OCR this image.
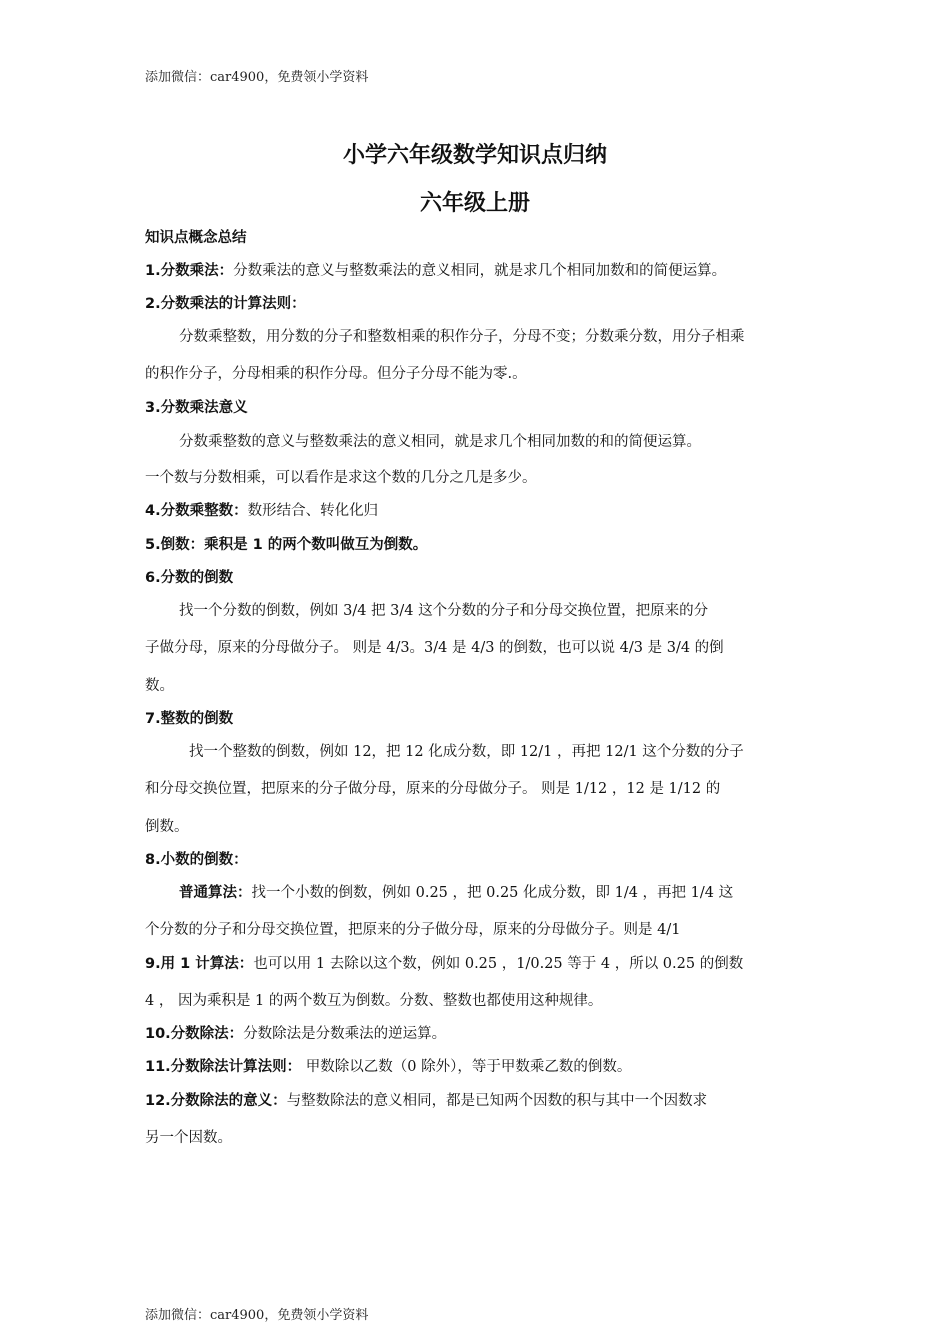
添加微信：car4900，免费领小学资料
小学六年级数学知识点归纳
六年级上册
知识点概念总结
1.分数乘法：分数乘法的意义与整数乘法的意义相同，就是求几个相同加数和的简便运算。
2.分数乘法的计算法则：
分数乘整数，用分数的分子和整数相乘的积作分子，分母不变；分数乘分数，用分子相乘
的积作分子，分母相乘的积作分母。但分子分母不能为零.。
3.分数乘法意义
分数乘整数的意义与整数乘法的意义相同，就是求几个相同加数的和的简便运算。
一个数与分数相乘，可以看作是求这个数的几分之几是多少。
4.分数乘整数：数形结合、转化化归
5.倒数：乘积是 1 的两个数叫做互为倒数。
6.分数的倒数
找一个分数的倒数，例如 3/4 把 3/4 这个分数的分子和分母交换位置，把原来的分
子做分母，原来的分母做分子。 则是 4/3。3/4 是 4/3 的倒数，也可以说 4/3 是 3/4 的倒
数。
7.整数的倒数
找一个整数的倒数，例如 12，把 12 化成分数，即 12/1 ，再把 12/1 这个分数的分子
和分母交换位置，把原来的分子做分母，原来的分母做分子。 则是 1/12 ，12 是 1/12 的
倒数。
8.小数的倒数：
普通算法：找一个小数的倒数，例如 0.25 ，把 0.25 化成分数，即 1/4 ，再把 1/4 这
个分数的分子和分母交换位置，把原来的分子做分母，原来的分母做分子。则是 4/1
9.用 1 计算法：也可以用 1 去除以这个数，例如 0.25 ，1/0.25 等于 4 ，所以 0.25 的倒数
4 ， 因为乘积是 1 的两个数互为倒数。分数、整数也都使用这种规律。
10.分数除法：分数除法是分数乘法的逆运算。
11.分数除法计算法则： 甲数除以乙数（0 除外），等于甲数乘乙数的倒数。
12.分数除法的意义：与整数除法的意义相同，都是已知两个因数的积与其中一个因数求
另一个因数。
添加微信：car4900，免费领小学资料
